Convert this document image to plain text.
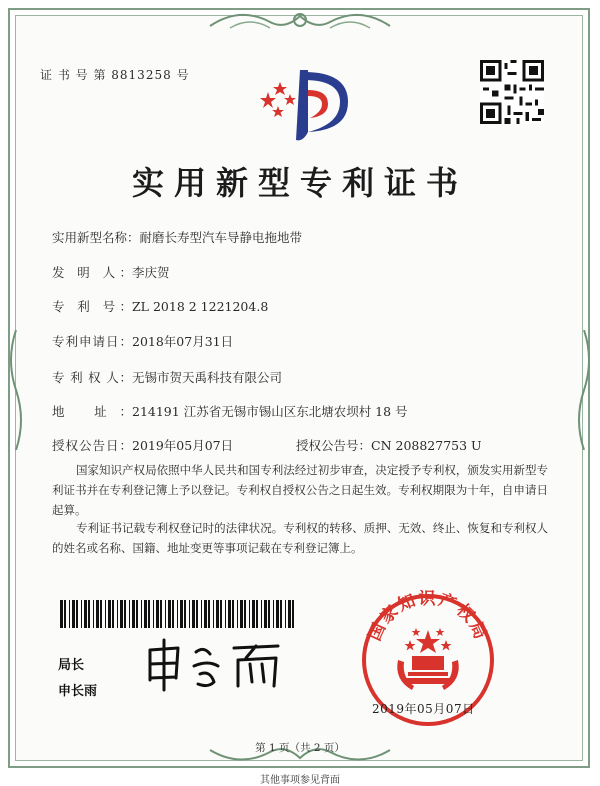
证 书 号 第 8813258 号
实用新型专利证书
实用新型名称：耐磨长寿型汽车导静电拖地带
发 明 人：李庆贺
专 利 号：ZL 2018 2 1221204.8
专利申请日：2018年07月31日
专 利 权 人：无锡市贺天禹科技有限公司
地 址：214191 江苏省无锡市锡山区东北塘农坝村 18 号
授权公告日：2019年05月07日	授权公告号：CN 208827753 U
国家知识产权局依照中华人民共和国专利法经过初步审查，决定授予专利权，颁发实用新型专利证书并在专利登记簿上予以登记。专利权自授权公告之日起生效。专利权期限为十年，自申请日起算。
专利证书记载专利权登记时的法律状况。专利权的转移、质押、无效、终止、恢复和专利权人的姓名或名称、国籍、地址变更等事项记载在专利登记簿上。
局长
申长雨
国家知识产权局
2019年05月07日
第 1 页（共 2 页）
其他事项参见背面
